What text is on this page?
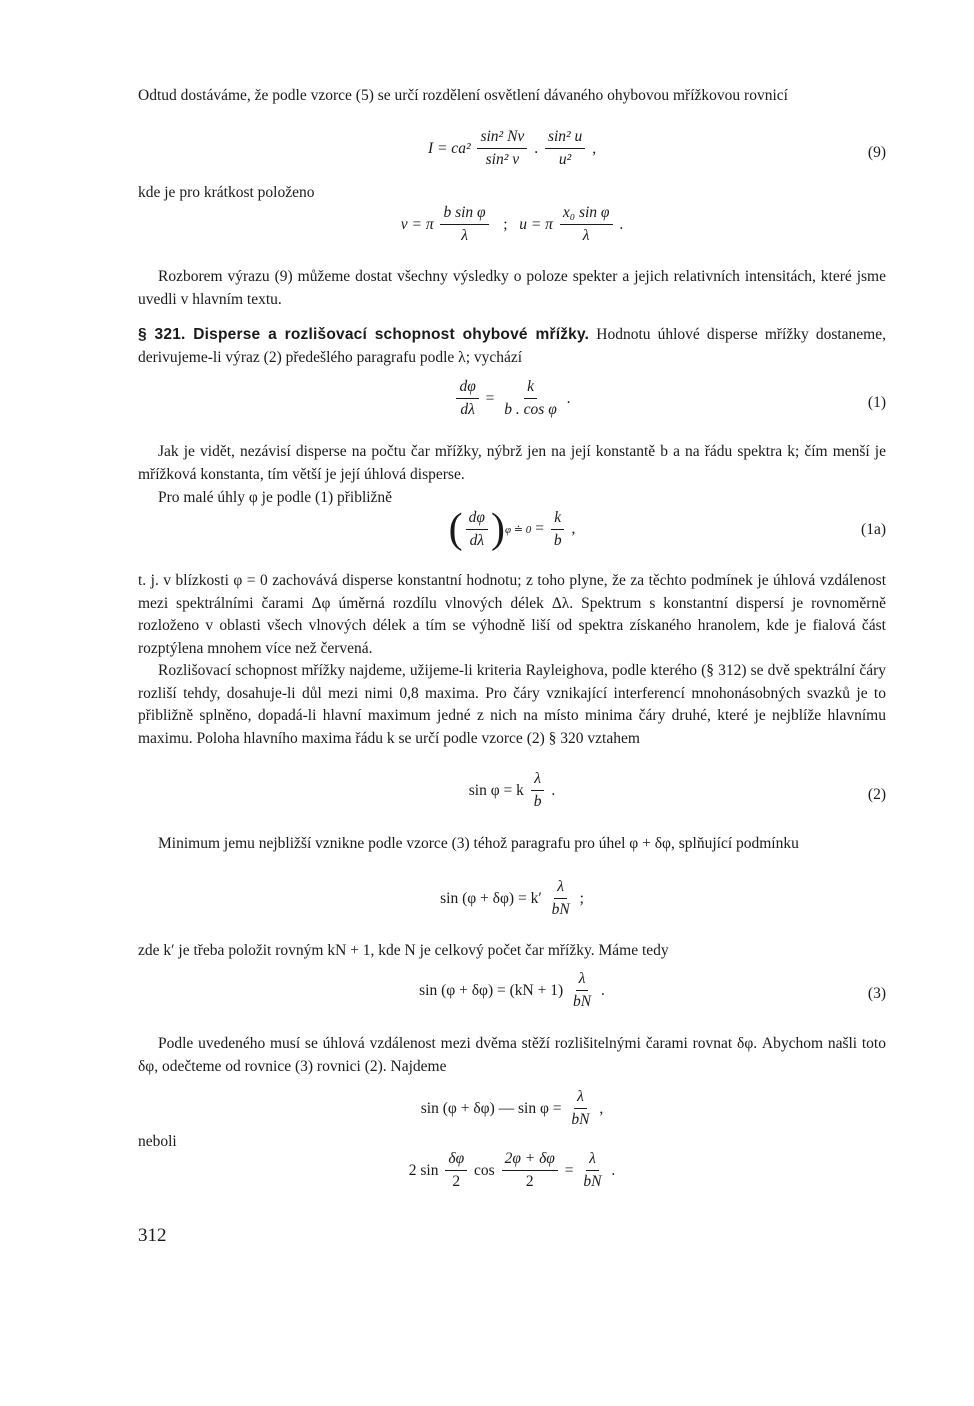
Odtud dostáváme, že podle vzorce (5) se určí rozdělení osvětlení dávaného ohybovou mřížkovou rovnicí

$I = ca^2 \frac{\text{sin² Nv}}{\text{sin² v}}$ . $\frac{\text{sin² u}}{\text{u²}}$ ,	(9)

kde je pro krátkost položeno

v = π $\frac{\text{b sin φ}}{\lambda}$ ; u = π $\frac{\text{x₀ sin φ}}{\lambda}$ .

Rozborem výrazu (9) můžeme dostat všechny výsledky o poloze spekter a jejich relativních intensitách, které jsme uvedli v hlavním textu.

§ 321. Disperse a rozlišovací schopnost ohybové mřížky. Hodnotu úhlové disperse mřížky dostaneme, derivujeme-li výraz (2) předešlého paragrafu podle λ; vychází

$\frac{d\varphi}{d\lambda} = \frac{k}{\text{b . cos φ}}$ .	(1)

Jak je vidět, nezávisí disperse na počtu čar mřížky, nýbrž jen na její konstantě b a na řádu spektra k; čím menší je mřížková konstanta, tím větší je její úhlová disperse.

Pro malé úhly φ je podle (1) přibližně

( $\frac{d\varphi}{d\lambda}$ ) φ ≐ $0 = \frac{k}{b}$ ,	(1a)

t. j. v blízkosti φ = 0 zachovává disperse konstantní hodnotu; z toho plyne, že za těchto podmínek je úhlová vzdálenost mezi spektrálními čarami Δφ úměrná rozdílu vlnových délek Δλ. Spektrum s konstantní dispersí je rovnoměrně rozloženo v oblasti všech vlnových délek a tím se výhodně liší od spektra získaného hranolem, kde je fialová část rozptýlena mnohem více než červená.

Rozlišovací schopnost mřížky najdeme, užijeme-li kriteria Rayleighova, podle kterého (§ 312) se dvě spektrální čáry rozliší tehdy, dosahuje-li důl mezi nimi 0,8 maxima. Pro čáry vznikající interferencí mnohonásobných svazků je to přibližně splněno, dopadá-li hlavní maximum jedné z nich na místo minima čáry druhé, které je nejblíže hlavnímu maximu. Poloha hlavního maxima řádu k se určí podle vzorce (2) § 320 vztahem

sin φ = k $\frac{\lambda}{b}$ .	(2)

Minimum jemu nejbližší vznikne podle vzorce (3) téhož paragrafu pro úhel φ + δφ, splňující podmínku

$\sin (\varphi + \delta\varphi) = k' \frac{\lambda}{bN}$ ;

zde k′ je třeba položit rovným kN + 1, kde N je celkový počet čar mřížky. Máme tedy

$\sin (\varphi + \delta\varphi) = (kN + 1) \frac{\lambda}{bN}$ .	(3)

Podle uvedeného musí se úhlová vzdálenost mezi dvěma stěží rozlišitelnými čarami rovnat δφ. Abychom našli toto δφ, odečteme od rovnice (3) rovnici (2). Najdeme

sin (φ + δφ) — $\sin \varphi = \frac{\lambda}{bN}$ ,

neboli

2 $\sin \frac{\delta\varphi}{2}$ $\cos \frac{2\varphi + \delta\varphi}{2} = \frac{\lambda}{bN}$ .
312
